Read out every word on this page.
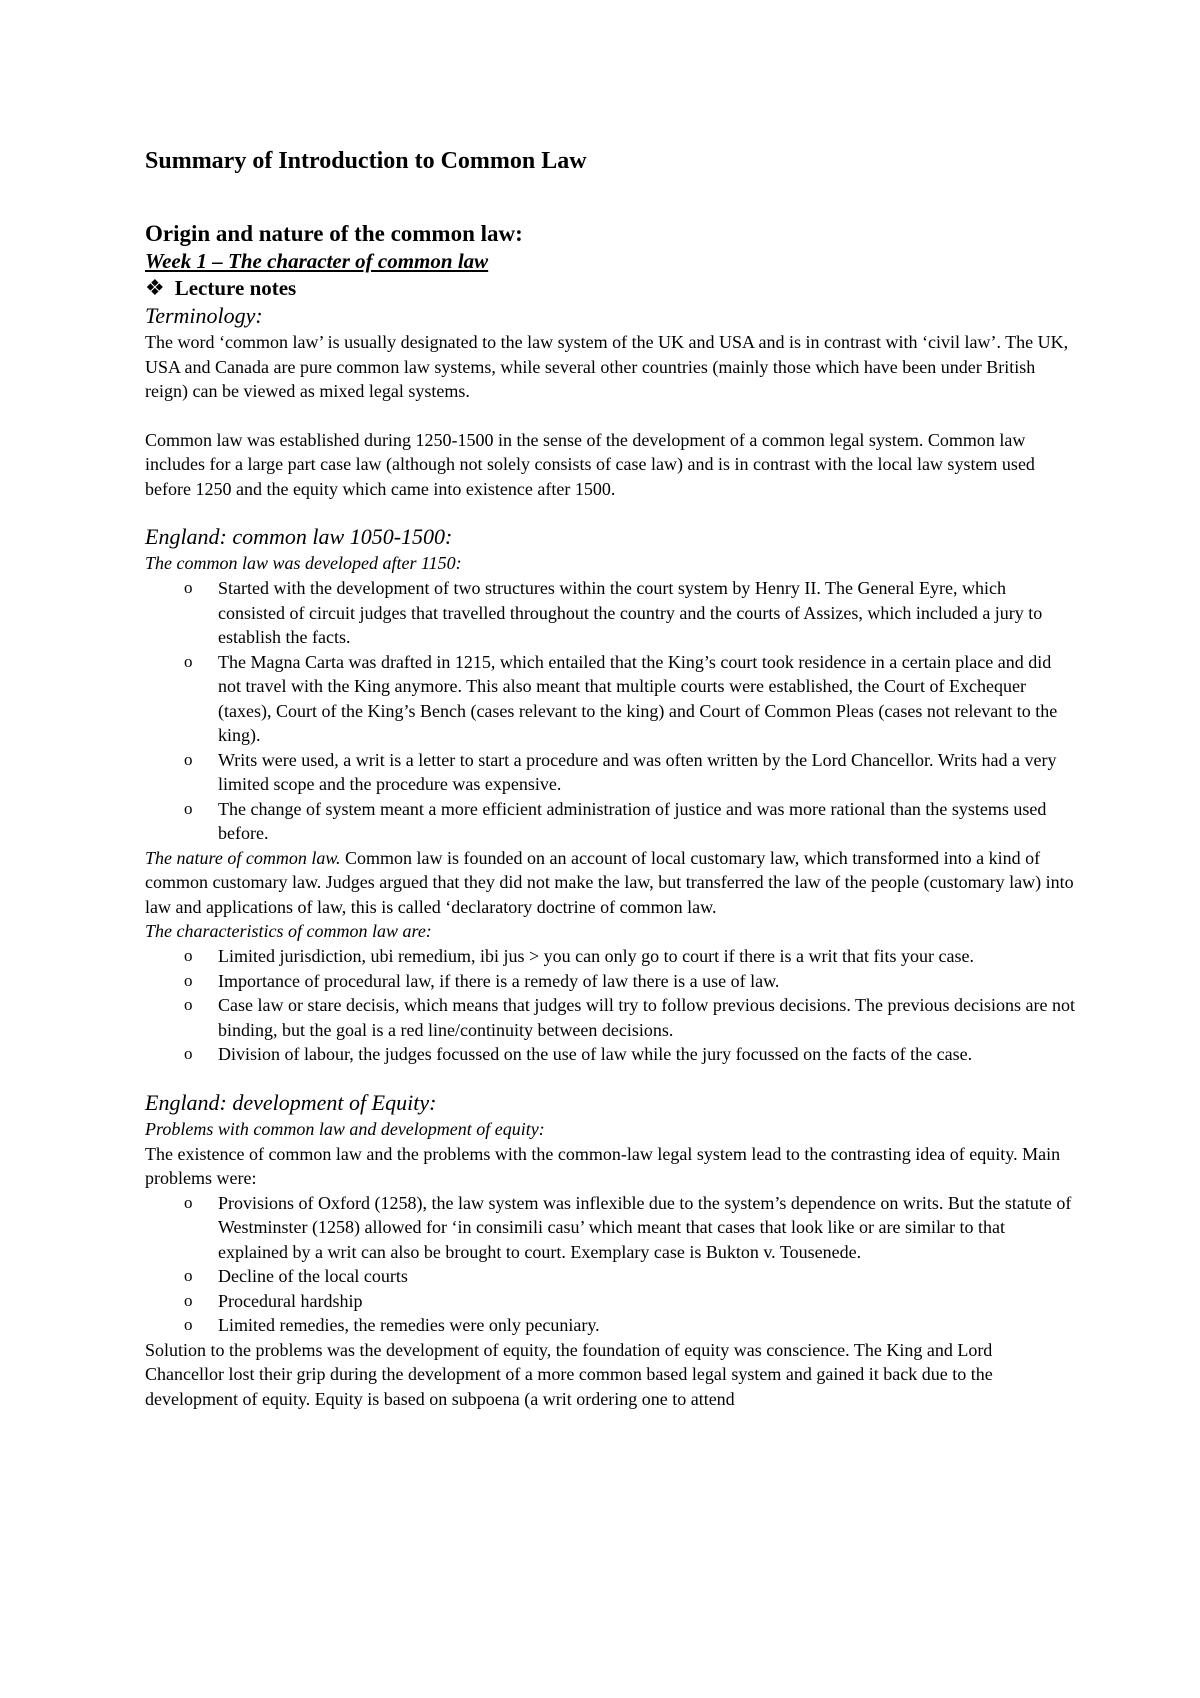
Summary of Introduction to Common Law
Origin and nature of the common law:
Week 1 – The character of common law
❖ Lecture notes
Terminology:

The word ‘common law’ is usually designated to the law system of the UK and USA and is in contrast with ‘civil law’. The UK, USA and Canada are pure common law systems, while several other countries (mainly those which have been under British reign) can be viewed as mixed legal systems.

Common law was established during 1250-1500 in the sense of the development of a common legal system. Common law includes for a large part case law (although not solely consists of case law) and is in contrast with the local law system used before 1250 and the equity which came into existence after 1500.

England: common law 1050-1500:
The common law was developed after 1150:
o Started with the development of two structures within the court system by Henry II. The General Eyre, which consisted of circuit judges that travelled throughout the country and the courts of Assizes, which included a jury to establish the facts.
o The Magna Carta was drafted in 1215, which entailed that the King’s court took residence in a certain place and did not travel with the King anymore. This also meant that multiple courts were established, the Court of Exchequer (taxes), Court of the King’s Bench (cases relevant to the king) and Court of Common Pleas (cases not relevant to the king).
o Writs were used, a writ is a letter to start a procedure and was often written by the Lord Chancellor. Writs had a very limited scope and the procedure was expensive.
o The change of system meant a more efficient administration of justice and was more rational than the systems used before.

The nature of common law. Common law is founded on an account of local customary law, which transformed into a kind of common customary law. Judges argued that they did not make the law, but transferred the law of the people (customary law) into law and applications of law, this is called ‘declaratory doctrine of common law.

The characteristics of common law are:
o Limited jurisdiction, ubi remedium, ibi jus > you can only go to court if there is a writ that fits your case.
o Importance of procedural law, if there is a remedy of law there is a use of law.
o Case law or stare decisis, which means that judges will try to follow previous decisions. The previous decisions are not binding, but the goal is a red line/continuity between decisions.
o Division of labour, the judges focussed on the use of law while the jury focussed on the facts of the case.
England: development of Equity:
Problems with common law and development of equity:

The existence of common law and the problems with the common-law legal system lead to the contrasting idea of equity. Main problems were:

o Provisions of Oxford (1258), the law system was inflexible due to the system’s dependence on writs. But the statute of Westminster (1258) allowed for ‘in consimili casu’ which meant that cases that look like or are similar to that explained by a writ can also be brought to court. Exemplary case is Bukton v. Tousenede.
o Decline of the local courts
o Procedural hardship
o Limited remedies, the remedies were only pecuniary.

Solution to the problems was the development of equity, the foundation of equity was conscience. The King and Lord Chancellor lost their grip during the development of a more common based legal system and gained it back due to the development of equity. Equity is based on subpoena (a writ ordering one to attend
